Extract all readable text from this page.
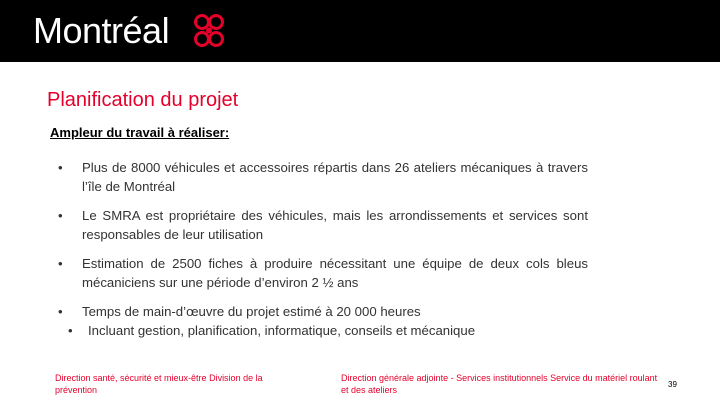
Montréal
Planification du projet
Ampleur du travail à réaliser:
• Plus de 8000 véhicules et accessoires répartis dans 26 ateliers mécaniques à travers l’île de Montréal
• Le SMRA est propriétaire des véhicules, mais les arrondissements et services sont responsables de leur utilisation
• Estimation de 2500 fiches à produire nécessitant une équipe de deux cols bleus mécaniciens sur une période d’environ 2 ½ ans
• Temps de main-d’œuvre du projet estimé à 20 000 heures
• Incluant gestion, planification, informatique, conseils et mécanique
Direction santé, sécurité et mieux-être Division de la prévention
Direction générale adjointe - Services institutionnels Service du matériel roulant et des ateliers
39
